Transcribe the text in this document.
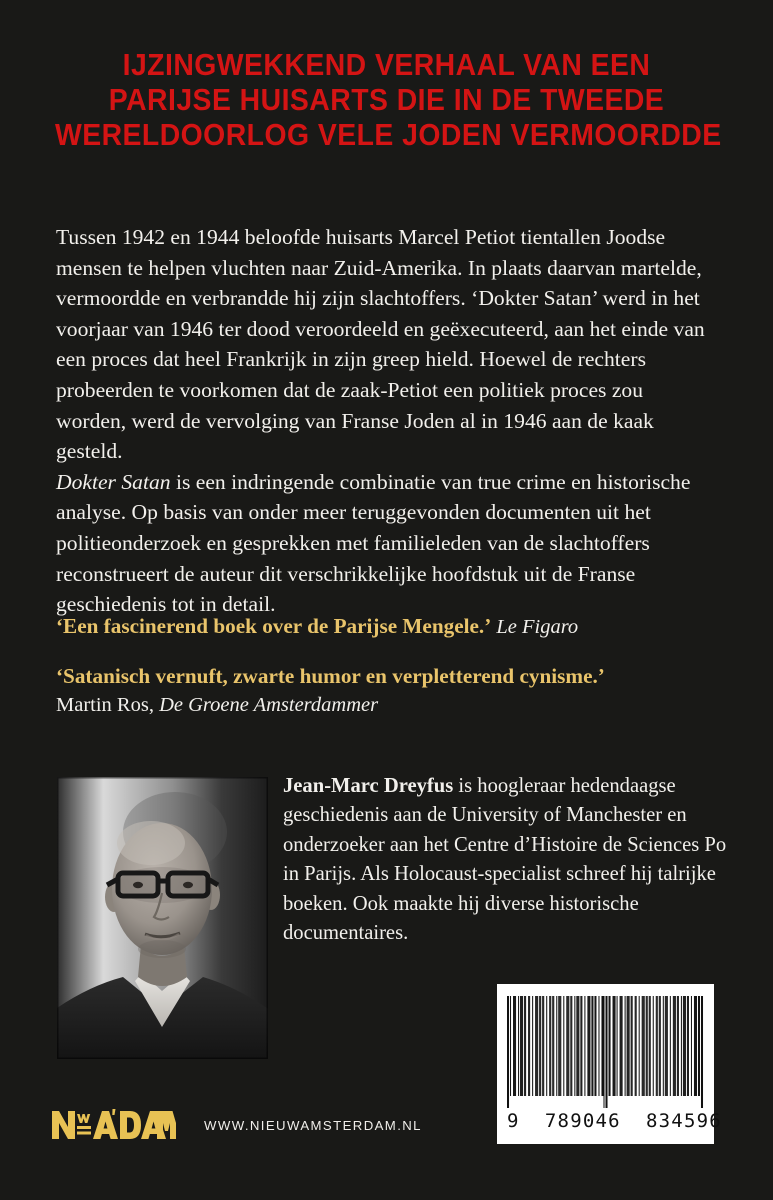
IJZINGWEKKEND VERHAAL VAN EEN
PARIJSE HUISARTS DIE IN DE TWEEDE
WERELDOORLOG VELE JODEN VERMOORDDE

Tussen 1942 en 1944 beloofde huisarts Marcel Petiot tientallen Joodse mensen te helpen vluchten naar Zuid-Amerika. In plaats daarvan martelde, vermoordde en verbrandde hij zijn slachtoffers. ‘Dokter Satan’ werd in het voorjaar van 1946 ter dood veroordeeld en geëxecuteerd, aan het einde van een proces dat heel Frankrijk in zijn greep hield. Hoewel de rechters probeerden te voorkomen dat de zaak-Petiot een politiek proces zou worden, werd de vervolging van Franse Joden al in 1946 aan de kaak gesteld.

Dokter Satan is een indringende combinatie van true crime en historische analyse. Op basis van onder meer teruggevonden documenten uit het politieonderzoek en gesprekken met familieleden van de slachtoffers reconstrueert de auteur dit verschrikkelijke hoofdstuk uit de Franse geschiedenis tot in detail.

‘Een fascinerend boek over de Parijse Mengele.’ Le Figaro
‘Satanisch vernuft, zwarte humor en verpletterend cynisme.’
Martin Ros, De Groene Amsterdammer
Jean-Marc Dreyfus is hoogleraar hedendaagse geschiedenis aan de University of Manchester en onderzoeker aan het Centre d’Histoire de Sciences Po in Parijs. Als Holocaust-specialist schreef hij talrijke boeken. Ook maakte hij diverse historische documentaires.
9  789046  834596
WWW.NIEUWAMSTERDAM.NL
